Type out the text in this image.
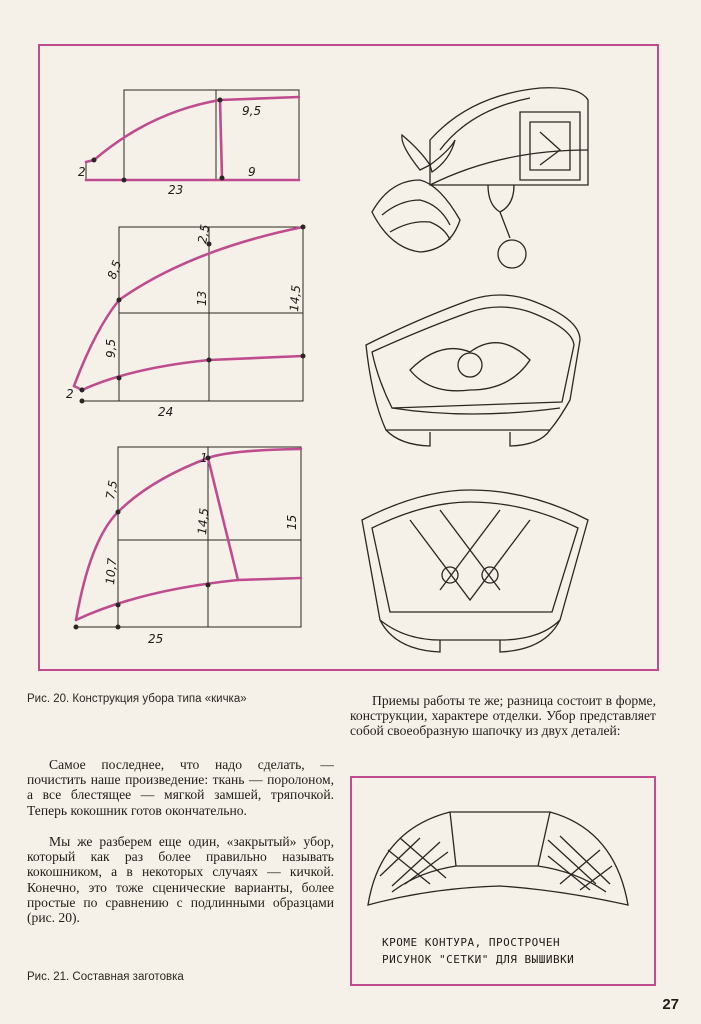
9,5
9
23
2
8,5
9,5
2,5
13	14,5
24
2
7,5
10,7
1
14,5	15
25
Рис. 20. Конструкция убора типа «кичка»
Самое последнее, что надо сделать, — почистить наше произведение: ткань — поролоном, а все блестящее — мягкой замшей, тряпочкой. Теперь кокошник готов окончательно.
Мы же разберем еще один, «закрытый» убор, который как раз более правильно называть кокошником, а в некоторых случаях — кичкой. Конечно, это тоже сценические варианты, более простые по сравнению с подлинными образцами (рис. 20).
Приемы работы те же; разница состоит в форме, конструкции, характере отделки. Убор представляет собой своеобразную шапочку из двух деталей:
КРОМЕ КОНТУРА, ПРОСТРОЧЕН
РИСУНОК "СЕТКИ" ДЛЯ ВЫШИВКИ
Рис. 21. Составная заготовка
27
